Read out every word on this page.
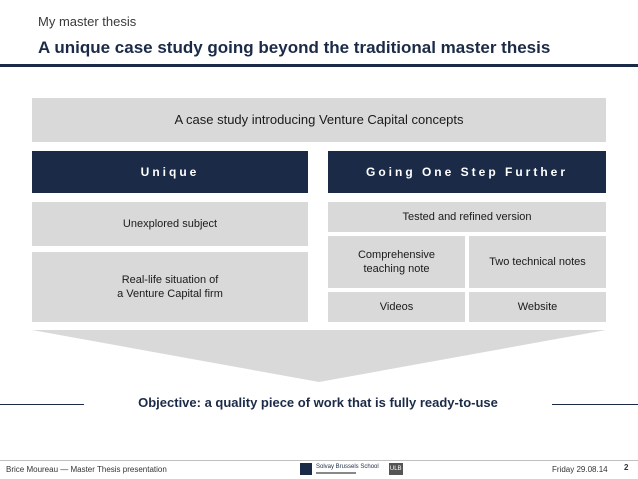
My master thesis
A unique case study going beyond the traditional master thesis
A case study introducing Venture Capital concepts
Unique
Unexplored subject
Real-life situation of
a Venture Capital firm
Going One Step Further
Tested and refined version
Comprehensive teaching note
Two technical notes
Videos	Website
Objective: a quality piece of work that is fully ready-to-use
Brice Moureau — Master Thesis presentation	Solvay Brussels School ULB	Friday 29.08.14 2
